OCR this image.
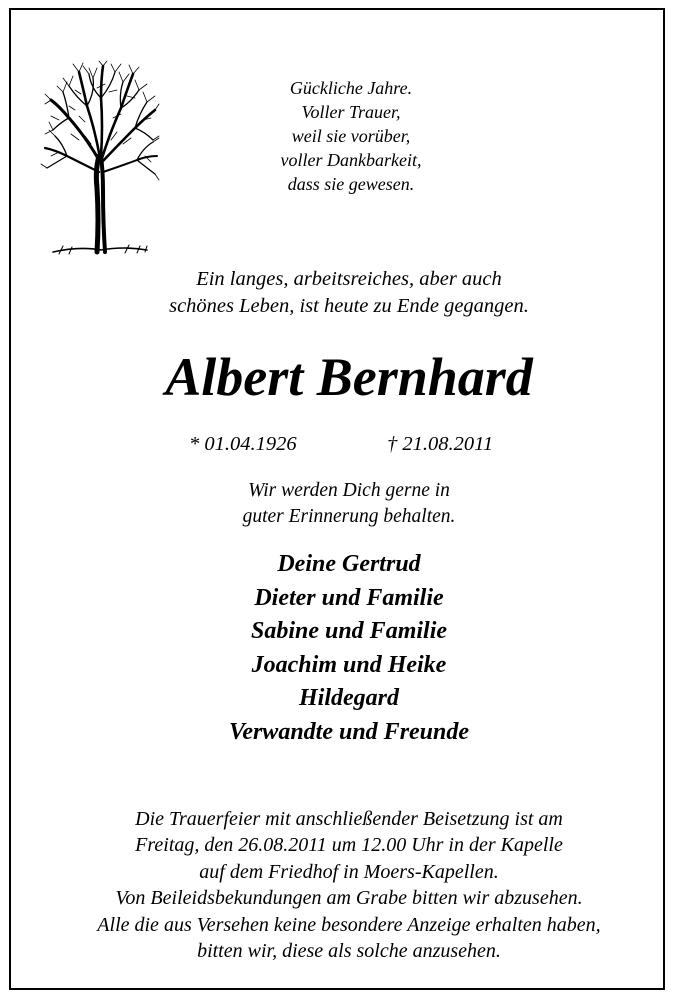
Gückliche Jahre.
Voller Trauer,
weil sie vorüber,
voller Dankbarkeit,
dass sie gewesen.
Ein langes, arbeitsreiches, aber auch
schönes Leben, ist heute zu Ende gegangen.
Albert Bernhard
* 01.04.1926	† 21.08.2011
Wir werden Dich gerne in
guter Erinnerung behalten.
Deine Gertrud
Dieter und Familie
Sabine und Familie
Joachim und Heike
Hildegard
Verwandte und Freunde
Die Trauerfeier mit anschließender Beisetzung ist am
Freitag, den 26.08.2011 um 12.00 Uhr in der Kapelle
auf dem Friedhof in Moers-Kapellen.
Von Beileidsbekundungen am Grabe bitten wir abzusehen.
Alle die aus Versehen keine besondere Anzeige erhalten haben,
bitten wir, diese als solche anzusehen.
